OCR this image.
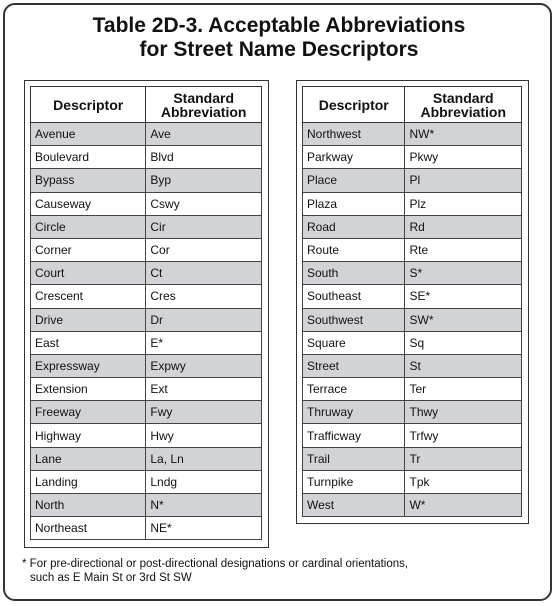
Table 2D-3. Acceptable Abbreviations
for Street Name Descriptors
Descriptor	Standard
Abbreviation
Avenue	Ave
Boulevard	Blvd
Bypass	Byp
Causeway	Cswy
Circle	Cir
Corner	Cor
Court	Ct
Crescent	Cres
Drive	Dr
East	E*
Expressway	Expwy
Extension	Ext
Freeway	Fwy
Highway	Hwy
Lane	La, Ln
Landing	Lndg
North	N*
Northeast	NE*
Descriptor	Standard
Abbreviation
Northwest	NW*
Parkway	Pkwy
Place	Pl
Plaza	Plz
Road	Rd
Route	Rte
South	S*
Southeast	SE*
Southwest	SW*
Square	Sq
Street	St
Terrace	Ter
Thruway	Thwy
Trafficway	Trfwy
Trail	Tr
Turnpike	Tpk
West	W*
* For pre-directional or post-directional designations or cardinal orientations,
such as E Main St or 3rd St SW
